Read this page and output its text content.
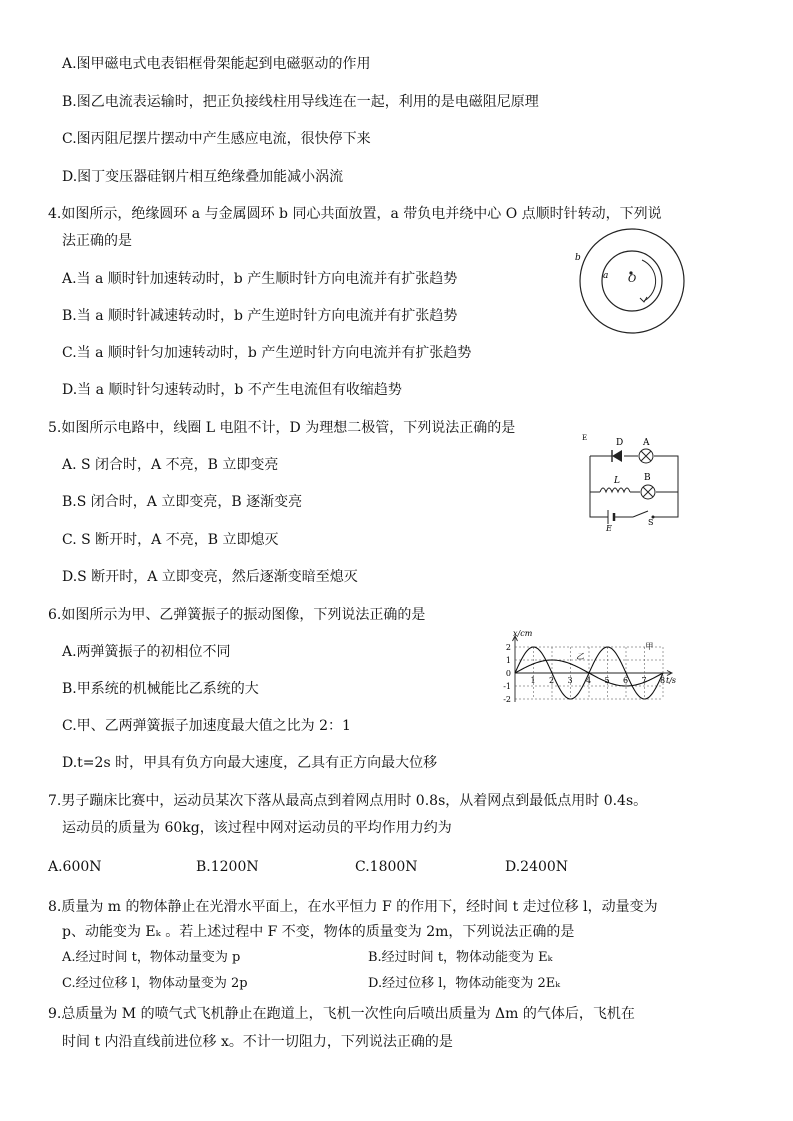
A.图甲磁电式电表铝框骨架能起到电磁驱动的作用
B.图乙电流表运输时，把正负接线柱用导线连在一起，利用的是电磁阻尼原理
C.图丙阻尼摆片摆动中产生感应电流，很快停下来
D.图丁变压器硅钢片相互绝缘叠加能减小涡流
4.如图所示，绝缘圆环 a 与金属圆环 b 同心共面放置，a 带负电并绕中心 O 点顺时针转动，下列说
法正确的是
A.当 a 顺时针加速转动时，b 产生顺时针方向电流并有扩张趋势
B.当 a 顺时针减速转动时，b 产生逆时针方向电流并有扩张趋势
C.当 a 顺时针匀加速转动时，b 产生逆时针方向电流并有扩张趋势
D.当 a 顺时针匀速转动时，b 不产生电流但有收缩趋势
b
a O
5.如图所示电路中，线圈 L 电阻不计，D 为理想二极管，下列说法正确的是
A. S 闭合时，A 不亮，B 立即变亮
B.S 闭合时，A 立即变亮，B 逐渐变亮
C. S 断开时，A 不亮，B 立即熄灭
D.S 断开时，A 立即变亮，然后逐渐变暗至熄灭
E	D A
L	B
E
S
6.如图所示为甲、乙弹簧振子的振动图像，下列说法正确的是
A.两弹簧振子的初相位不同
B.甲系统的机械能比乙系统的大
C.甲、乙两弹簧振子加速度最大值之比为 2：1
D.t=2s 时，甲具有负方向最大速度，乙具有正方向最大位移
2
1
0
-1
-2
1 2 3 4 5 6 7 8
甲
乙
x/cm
t/s
7.男子蹦床比赛中，运动员某次下落从最高点到着网点用时 0.8s，从着网点到最低点用时 0.4s。
运动员的质量为 60kg，该过程中网对运动员的平均作用力约为
A.600N	B.1200N	C.1800N	D.2400N
8.质量为 m 的物体静止在光滑水平面上，在水平恒力 F 的作用下，经时间 t 走过位移 l，动量变为
p、动能变为 Eₖ 。若上述过程中 F 不变，物体的质量变为 2m，下列说法正确的是
A.经过时间 t，物体动量变为 p	B.经过时间 t，物体动能变为 Eₖ
C.经过位移 l，物体动量变为 2p	D.经过位移 l，物体动能变为 2Eₖ
9.总质量为 M 的喷气式飞机静止在跑道上，飞机一次性向后喷出质量为 Δm 的气体后，飞机在
时间 t 内沿直线前进位移 x。不计一切阻力，下列说法正确的是
